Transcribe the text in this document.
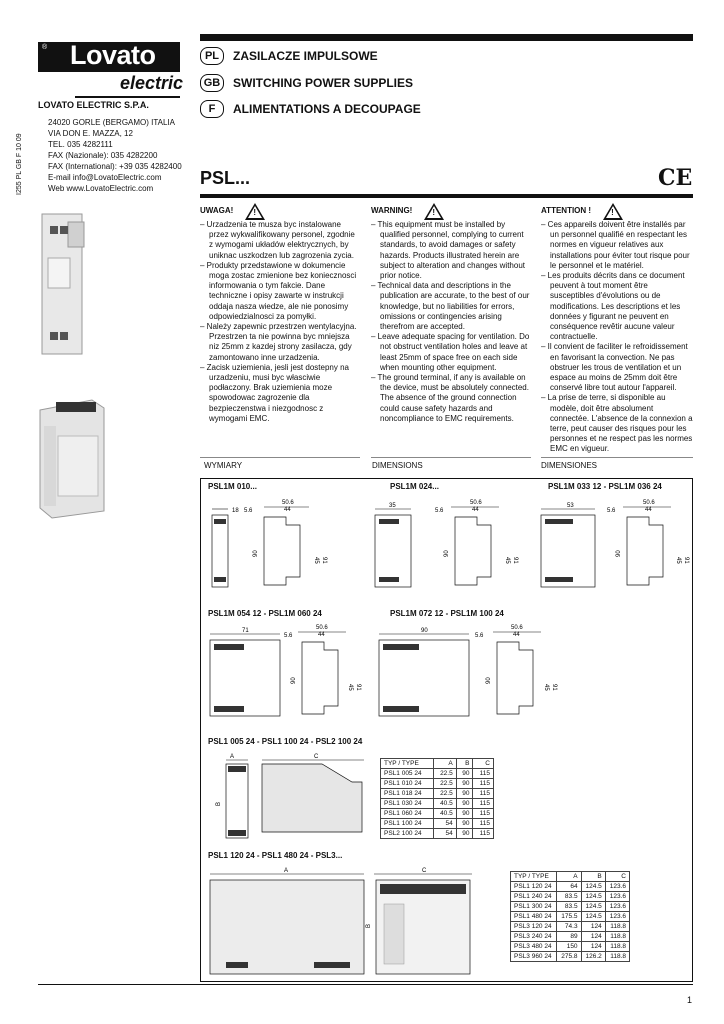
® Lovato
electric
LOVATO ELECTRIC S.P.A.
24020 GORLE (BERGAMO) ITALIA
VIA DON E. MAZZA, 12
TEL. 035 4282111
FAX (Nazionale): 035 4282200
FAX (International): +39 035 4282400
E-mail info@LovatoElectric.com
Web www.LovatoElectric.com
I255 PL GB F 10 09
PL	ZASILACZE IMPULSOWE
GB	SWITCHING POWER SUPPLIES
F	ALIMENTATIONS A DECOUPAGE
PSL...	CE
UWAGA!	!
– Urzadzenia te musza byc instalowane przez wykwalifikowany personel, zgodnie z wymogami układów elektrycznych, by uniknac uszkodzen lub zagrozenia zycia.
– Produkty przedstawione w dokumencie moga zostac zmienione bez koniecznosci informowania o tym fakcie. Dane techniczne i opisy zawarte w instrukcji oddaja nasza wiedze, ale nie ponosimy odpowiedzialnosci za pomyłki.
– Należy zapewnic przestrzen wentylacyjna. Przestrzen ta nie powinna byc mniejsza niz 25mm z kazdej strony zasilacza, gdy zamontowano inne urzadzenia.
– Zacisk uziemienia, jesli jest dostepny na urzadzeniu, musi byc własciwie podłaczony. Brak uziemienia moze spowodowac zagrozenie dla bezpieczenstwa i niezgodnosc z wymogami EMC.
WARNING!	!
– This equipment must be installed by qualified personnel, complying to current standards, to avoid damages or safety hazards. Products illustrated herein are subject to alteration and changes without prior notice.
– Technical data and descriptions in the publication are accurate, to the best of our knowledge, but no liabilities for errors, omissions or contingencies arising therefrom are accepted.
– Leave adequate spacing for ventilation. Do not obstruct ventilation holes and leave at least 25mm of space free on each side when mounting other equipment.
– The ground terminal, if any is available on the device, must be absolutely connected. The absence of the ground connection could cause safety hazards and noncompliance to EMC requirements.
ATTENTION !	!
– Ces appareils doivent être installés par un personnel qualifié en respectant les normes en vigueur relatives aux installations pour éviter tout risque pour le personnel et le matériel.
– Les produits décrits dans ce document peuvent à tout moment être susceptibles d'évolutions ou de modifications. Les descriptions et les données y figurant ne peuvent en conséquence revêtir aucune valeur contractuelle.
– Il convient de faciliter le refroidissement en favorisant la convection. Ne pas obstruer les trous de ventilation et un espace au moins de 25mm doit être conservé libre tout autour l'appareil.
– La prise de terre, si disponible au modèle, doit être absolument connectée. L'absence de la connexion a terre, peut causer des risques pour les personnes et ne respect pas les normes EMC en vigueur.
WYMIARY	DIMENSIONS	DIMENSIONES
PSL1M 010...	PSL1M 024...	PSL1M 033 12 - PSL1M 036 24
PSL1M 054 12 - PSL1M 060 24	PSL1M 072 12 - PSL1M 100 24
PSL1 005 24 - PSL1 100 24 - PSL2 100 24
PSL1 120 24 - PSL1 480 24 - PSL3...
18 5.6
50.6
44
90
45 91
35
5.6
50.6
44
90
45 91
53
5.6
50.6
44
90
45 91
71
5.6
50.6
44
90
45 91
90
5.6
50.6
44
90
45 91
A
B
C
TYP / TYPE	A	B	C
PSL1 005 24	22.5	90	115
PSL1 010 24	22.5	90	115
PSL1 018 24	22.5	90	115
PSL1 030 24	40.5	90	115
PSL1 060 24	40.5	90	115
PSL1 100 24	54	90	115
PSL2 100 24	54	90	115
A	C
B
TYP / TYPE	A	B	C
PSL1 120 24	64	124.5	123.6
PSL1 240 24	83.5	124.5	123.6
PSL1 300 24	83.5	124.5	123.6
PSL1 480 24	175.5	124.5	123.6
PSL3 120 24	74.3	124	118.8
PSL3 240 24	89	124	118.8
PSL3 480 24	150	124	118.8
PSL3 960 24	275.8	126.2	118.8
1
